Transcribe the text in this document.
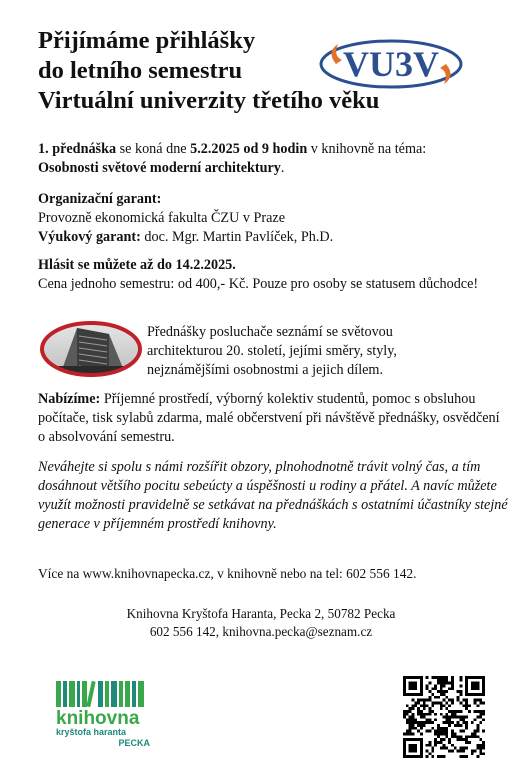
Přijímáme přihlášky
do letního semestru
Virtuální univerzity třetího věku
VU3V

1. přednáška se koná dne 5.2.2025 od 9 hodin v knihovně na téma:
Osobnosti světové moderní architektury.

Organizační garant:

Provozně ekonomická fakulta ČZU v Praze

Výukový garant: doc. Mgr. Martin Pavlíček, Ph.D.

Hlásit se můžete až do 14.2.2025.

Cena jednoho semestru: od 400,- Kč. Pouze pro osoby se statusem důchodce!

Přednášky posluchače seznámí se světovou architekturou 20. století, jejími směry, styly, nejznámějšími osobnostmi a jejich dílem.

Nabízíme: Příjemné prostředí, výborný kolektiv studentů, pomoc s obsluhou počítače, tisk sylabů zdarma, malé občerstvení při návštěvě přednášky, osvědčení o absolvování semestru.

Neváhejte si spolu s námi rozšířit obzory, plnohodnotně trávit volný čas, a tím dosáhnout většího pocitu sebeúcty a úspěšnosti u rodiny a přátel. A navíc můžete využít možnosti pravidelně se setkávat na přednáškách s ostatními účastníky stejné generace v příjemném prostředí knihovny.
Více na www.knihovnapecka.cz, v knihovně nebo na tel: 602 556 142.
Knihovna Kryštofa Haranta, Pecka 2, 50782 Pecka
602 556 142, knihovna.pecka@seznam.cz
knihovna
kryštofa haranta
PECKA
